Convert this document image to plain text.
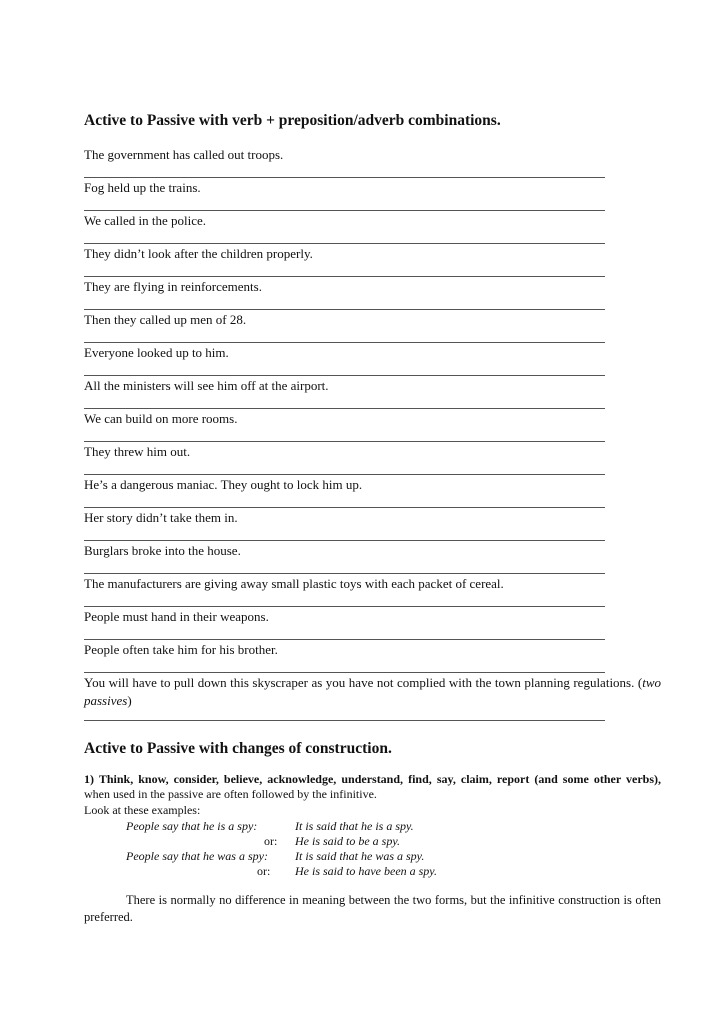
Active to Passive with verb + preposition/adverb combinations.
The government has called out troops.
Fog held up the trains.
We called in the police.
They didn’t look after the children properly.
They are flying in reinforcements.
Then they called up men of 28.
Everyone looked up to him.
All the ministers will see him off at the airport.
We can build on more rooms.
They threw him out.
He’s a dangerous maniac. They ought to lock him up.
Her story didn’t take them in.
Burglars broke into the house.
The manufacturers are giving away small plastic toys with each packet of cereal.
People must hand in their weapons.
People often take him for his brother.
You will have to pull down this skyscraper as you have not complied with the town planning regulations. (two passives)
Active to Passive with changes of construction.
1) Think, know, consider, believe, acknowledge, understand, find, say, claim, report (and some other verbs), when used in the passive are often followed by the infinitive.
Look at these examples:
People say that he is a spy:	It is said that he is a spy.
or: He is said to be a spy.
People say that he was a spy: It is said that he was a spy.
or: He is said to have been a spy.
There is normally no difference in meaning between the two forms, but the infinitive construction is often preferred.
